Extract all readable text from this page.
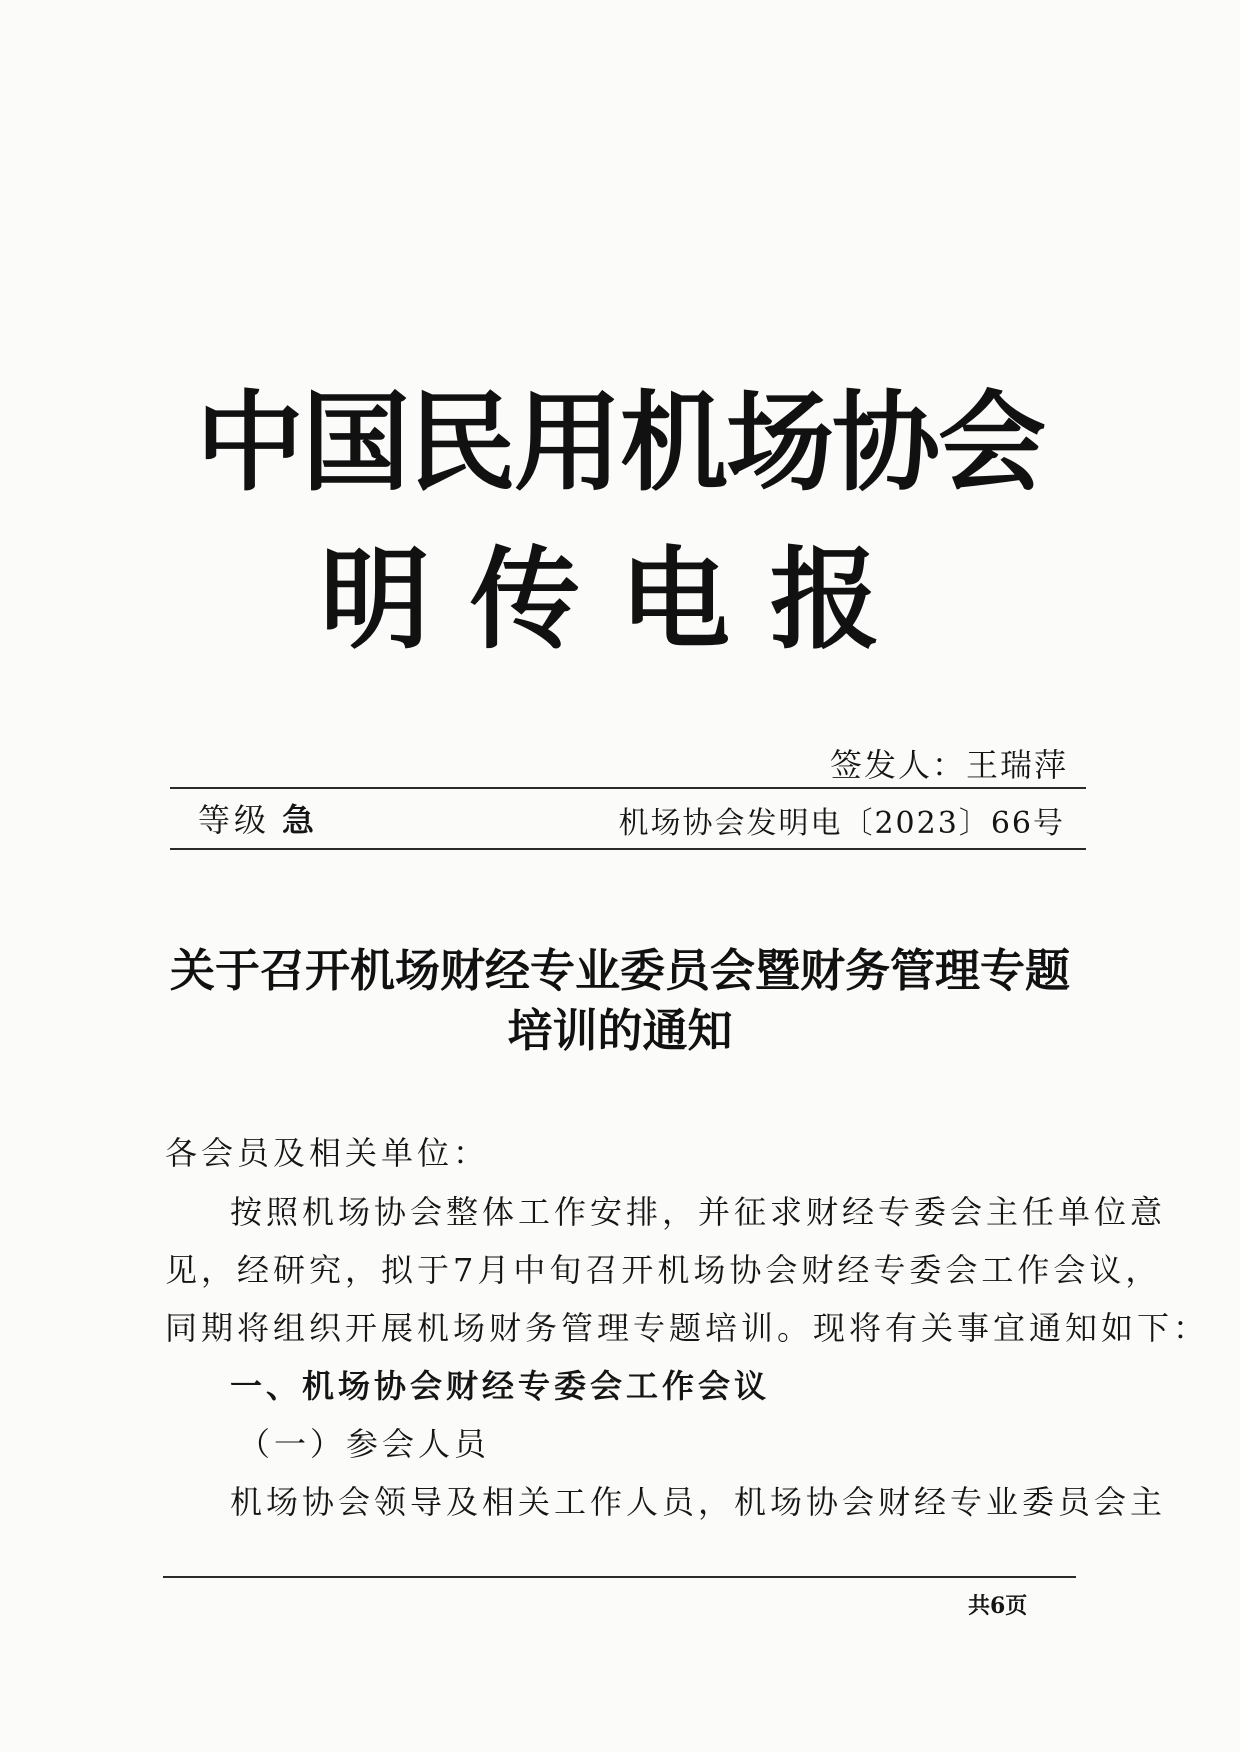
中国民用机场协会
明传电报
签发人：王瑞萍
等级 急	机场协会发明电〔2023〕66号
关于召开机场财经专业委员会暨财务管理专题
培训的通知
各会员及相关单位：
按照机场协会整体工作安排，并征求财经专委会主任单位意
见，经研究，拟于7月中旬召开机场协会财经专委会工作会议，
同期将组织开展机场财务管理专题培训。现将有关事宜通知如下：
一、机场协会财经专委会工作会议
（一）参会人员
机场协会领导及相关工作人员，机场协会财经专业委员会主
共6页
